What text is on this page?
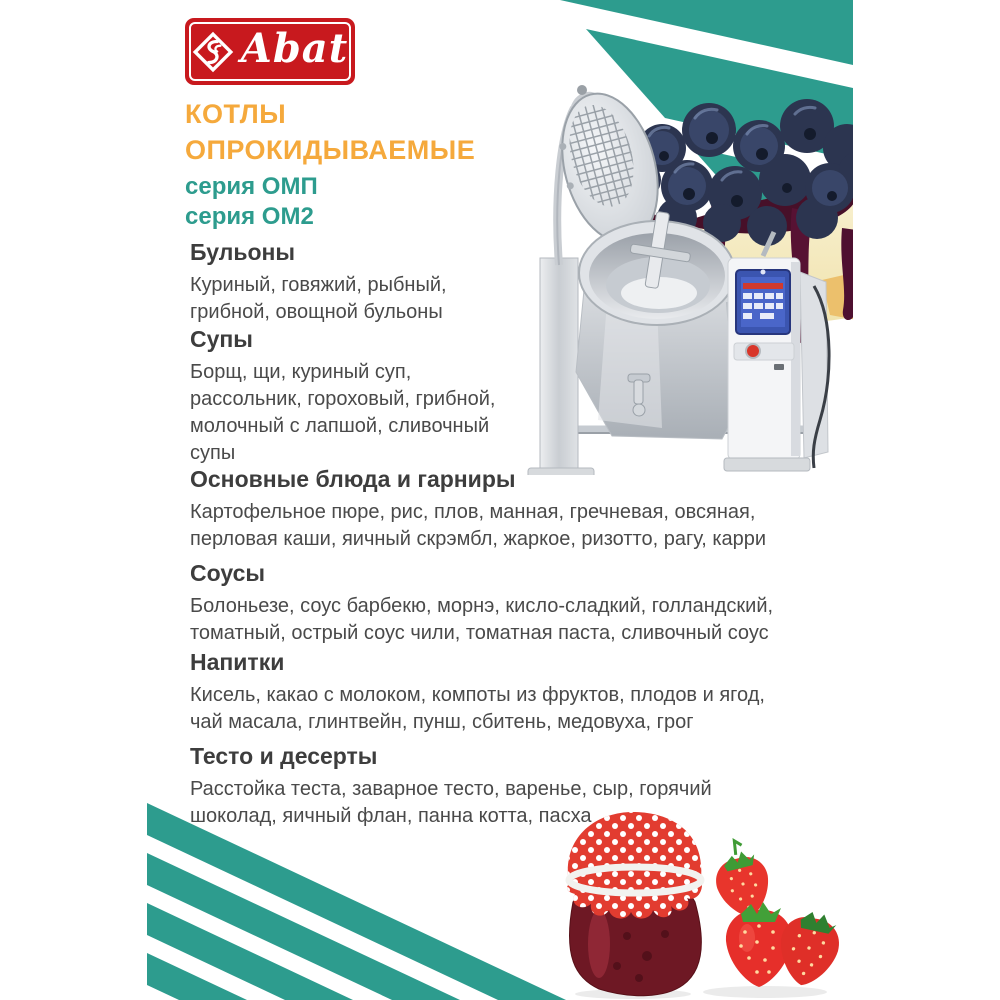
Abat
КОТЛЫ
ОПРОКИДЫВАЕМЫЕ
серия ОМП
серия ОМ2
Бульоны
Куриный, говяжий, рыбный,
грибной, овощной бульоны
Супы
Борщ, щи, куриный суп,
рассольник, гороховый, грибной,
молочный с лапшой, сливочный
супы
Основные блюда и гарниры
Картофельное пюре, рис, плов, манная, гречневая, овсяная,
перловая каши, яичный скрэмбл, жаркое, ризотто, рагу, карри
Соусы
Болоньезе, соус барбекю, морнэ, кисло-сладкий, голландский,
томатный, острый соус чили, томатная паста, сливочный соус
Напитки
Кисель, какао с молоком, компоты из фруктов, плодов и ягод,
чай масала, глинтвейн, пунш, сбитень, медовуха, грог
Тесто и десерты
Расстойка теста, заварное тесто, варенье, сыр, горячий
шоколад, яичный флан, панна котта, пасха
